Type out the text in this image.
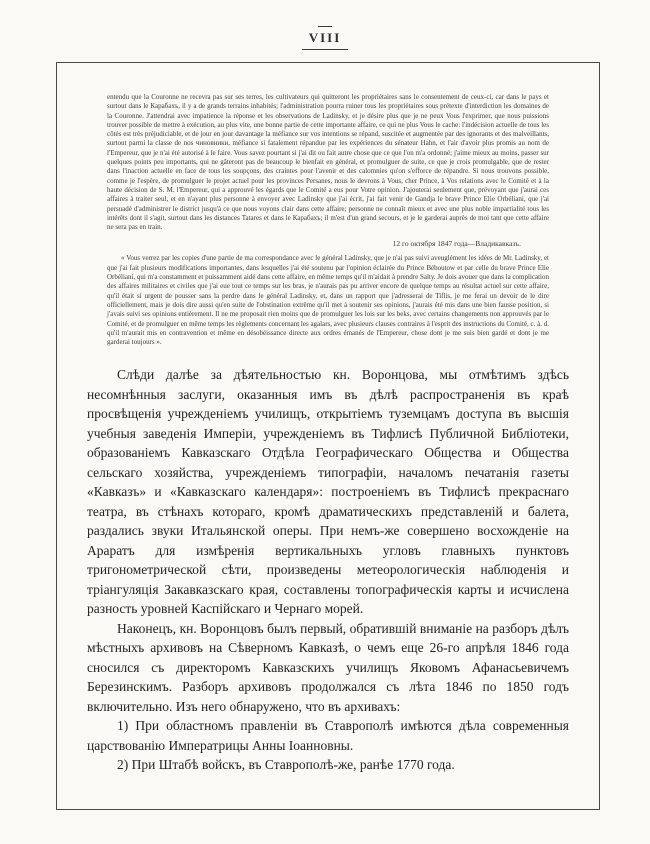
VIII

entendu que la Couronne ne recevra pas sur ses terres, les cultivateurs qui quitteront les propriétaires sans le consentement de ceux-ci, car dans le pays et surtout dans le Карабахъ, il y a de grands terrains inhabités; l'administration pourra ruiner tous les propriétaires sous prétexte d'interdiction les domaines de la Couronne. J'attendrai avec impatience la réponse et les observations de Ladinsky, et je désire plus que je ne peux Vous l'exprimer, que nous puissions trouver possible de mettre à exécution, au plus vite, une bonne partie de cette importante affaire, ce qui ne plus Vous le cache: l'indécision actuelle de tous les côtés est très préjudiciable, et de jour en jour davantage la méfiance sur vos intentions se répand, suscitée et augmentée par des ignorants et des malveillants, surtout parmi la classe de nos чиновники, méfiance si fatalement répandue par les expériences du sénateur Hahn, et l'air d'avoir plus promis au nom de l'Empereur, que je n'ai été autorisé à le faire. Vous savez pourtant si j'ai dit ou fait autre chose que ce que l'on m'a ordonné; j'aime mieux au moins, passer sur quelques points peu importants, qui ne gâteront pas de beaucoup le bienfait en général, et promulguer de suite, ce que je crois promulgable, que de rester dans l'inaction actuelle en face de tous les soupçons, des craintes pour l'avenir et des calomnies qu'on s'efforce de répandre. Si nous trouvons possible, comme je l'espère, de promulguer le projet actuel pour les provinces Persanes, nous le devrons à Vous, cher Prince, à Vos relations avec le Comité et à la haute décision de S. M. l'Empereur, qui a approuvé les égards que le Comité a eus pour Votre opinion. J'ajouterai seulement que, prévoyant que j'aurai ces affaires à traiter seul, et en n'ayant plus personne à envoyer avec Ladinsky que j'ai écrit, j'ai fait venir de Gandja le brave Prince Elie Orbéliani, que j'ai persuadé d'administrer le district jusqu'à ce que nous voyons clair dans cette affaire; personne ne connaît mieux et avec une plus noble impartialité tous les intérêts dont il s'agit, surtout dans les distances Tatares et dans le Карабахъ; il m'est d'un grand secours, et je le garderai auprès de moi tant que cette affaire ne sera pas en train.

12 го октября 1847 года—Владикавказъ.

« Vous verrez par les copies d'une partie de ma correspondance avec le général Ladinsky, que je n'ai pas suivi aveuglément les idées de Mr. Ladinsky, et que j'ai fait plusieurs modifications importantes, dans lesquelles j'ai été soutenu par l'opinion éclairée du Prince Béboutow et par celle du brave Prince Elie Orbéliani, qui m'a constamment et puissamment aidé dans cette affaire, en même temps qu'il m'aidait à prendre Salty. Je dois avouer que dans la complication des affaires militaires et civiles que j'ai eue tout ce temps sur les bras, je n'aurais pas pu arriver encore de quelque temps au résultat actuel sur cette affaire, qu'il était si urgent de pousser sans la perdre dans le général Ladinsky, et, dans un rapport que j'adresserai de Tiflis, je me ferai un devoir de le dire officiellement, mais je dois dire aussi qu'en suite de l'obstination extrême qu'il met à soutenir ses opinions, j'aurais été mis dans une bien fausse position, si j'avais suivi ses opinions entièrement. Il ne me proposait rien moins que de promulguer les lois sur les beks, avec certains changements non approuvés par le Comité, et de promulguer en même temps les règlements concernant les agalars, avec plusieurs clauses contraires à l'esprit des instructions du Comité, c. à. d. qu'il m'aurait mis en contravention et même en désobéissance directe aux ordres émanés de l'Empereur, chose dont je me suis bien gardé et dont je me garderai toujours ».

Слѣди далѣе за дѣятельностью кн. Воронцова, мы отмѣтимъ здѣсь несомнѣнныя заслуги, оказанныя имъ въ дѣлѣ распространенія въ краѣ просвѣщенія учрежденіемъ училищъ, открытіемъ туземцамъ доступа въ высшія учебныя заведенія Имперіи, учрежденіемъ въ Тифлисѣ Публичной Библіотеки, образованіемъ Кавказскаго Отдѣла Географическаго Общества и Общества сельскаго хозяйства, учрежденіемъ типографіи, началомъ печатанія газеты «Кавказъ» и «Кавказскаго календаря»: построеніемъ въ Тифлисѣ прекраснаго театра, въ стѣнахъ котораго, кромѣ драматическихъ представленій и балета, раздались звуки Итальянской оперы. При немъ-же совершено восхожденіе на Араратъ для измѣренія вертикальныхъ угловъ главныхъ пунктовъ тригонометрической сѣти, произведены метеорологическія наблюденія и тріангуляція Закавказскаго края, составлены топографическія карты и исчислена разность уровней Каспійскаго и Чернаго морей.

Наконецъ, кн. Воронцовъ былъ первый, обратившій вниманіе на разборъ дѣлъ мѣстныхъ архивовъ на Сѣверномъ Кавказѣ, о чемъ еще 26-го апрѣля 1846 года сносился съ директоромъ Кавказскихъ училищъ Яковомъ Афанасьевичемъ Березинскимъ. Разборъ архивовъ продолжался съ лѣта 1846 по 1850 годъ включительно. Изъ него обнаружено, что въ архивахъ:

1) При областномъ правленіи въ Ставрополѣ имѣются дѣла современныя царствованію Императрицы Анны Іоанновны.

2) При Штабѣ войскъ, въ Ставрополѣ-же, ранѣе 1770 года.
